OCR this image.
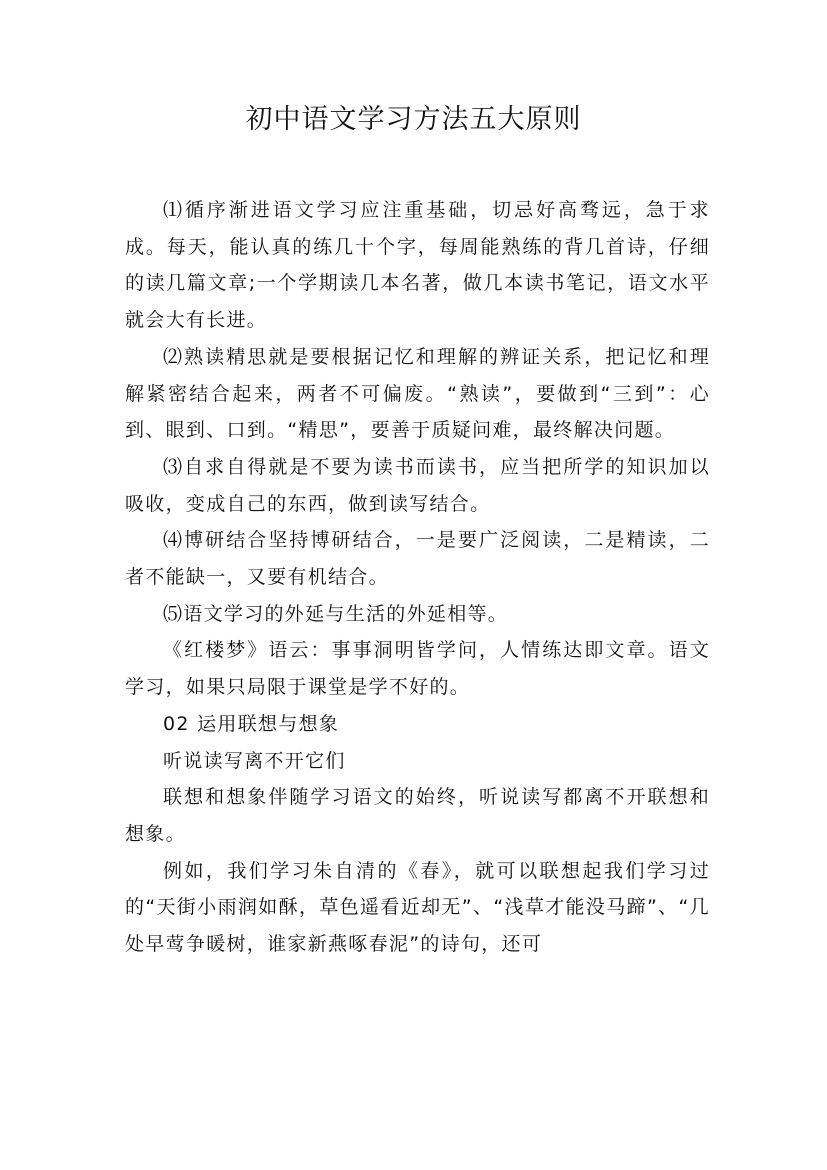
初中语文学习方法五大原则

⑴循序渐进语文学习应注重基础，切忌好高骛远，急于求成。每天，能认真的练几十个字，每周能熟练的背几首诗，仔细的读几篇文章;一个学期读几本名著，做几本读书笔记，语文水平就会大有长进。

⑵熟读精思就是要根据记忆和理解的辨证关系，把记忆和理解紧密结合起来，两者不可偏废。“熟读”，要做到“三到”：心到、眼到、口到。“精思”，要善于质疑问难，最终解决问题。

⑶自求自得就是不要为读书而读书，应当把所学的知识加以吸收，变成自己的东西，做到读写结合。

⑷博研结合坚持博研结合，一是要广泛阅读，二是精读，二者不能缺一，又要有机结合。

⑸语文学习的外延与生活的外延相等。

《红楼梦》语云：事事洞明皆学问，人情练达即文章。语文学习，如果只局限于课堂是学不好的。

02 运用联想与想象

听说读写离不开它们

联想和想象伴随学习语文的始终，听说读写都离不开联想和想象。

例如，我们学习朱自清的《春》，就可以联想起我们学习过的“天街小雨润如酥，草色遥看近却无”、“浅草才能没马蹄”、“几处早莺争暖树，谁家新燕啄春泥”的诗句，还可
